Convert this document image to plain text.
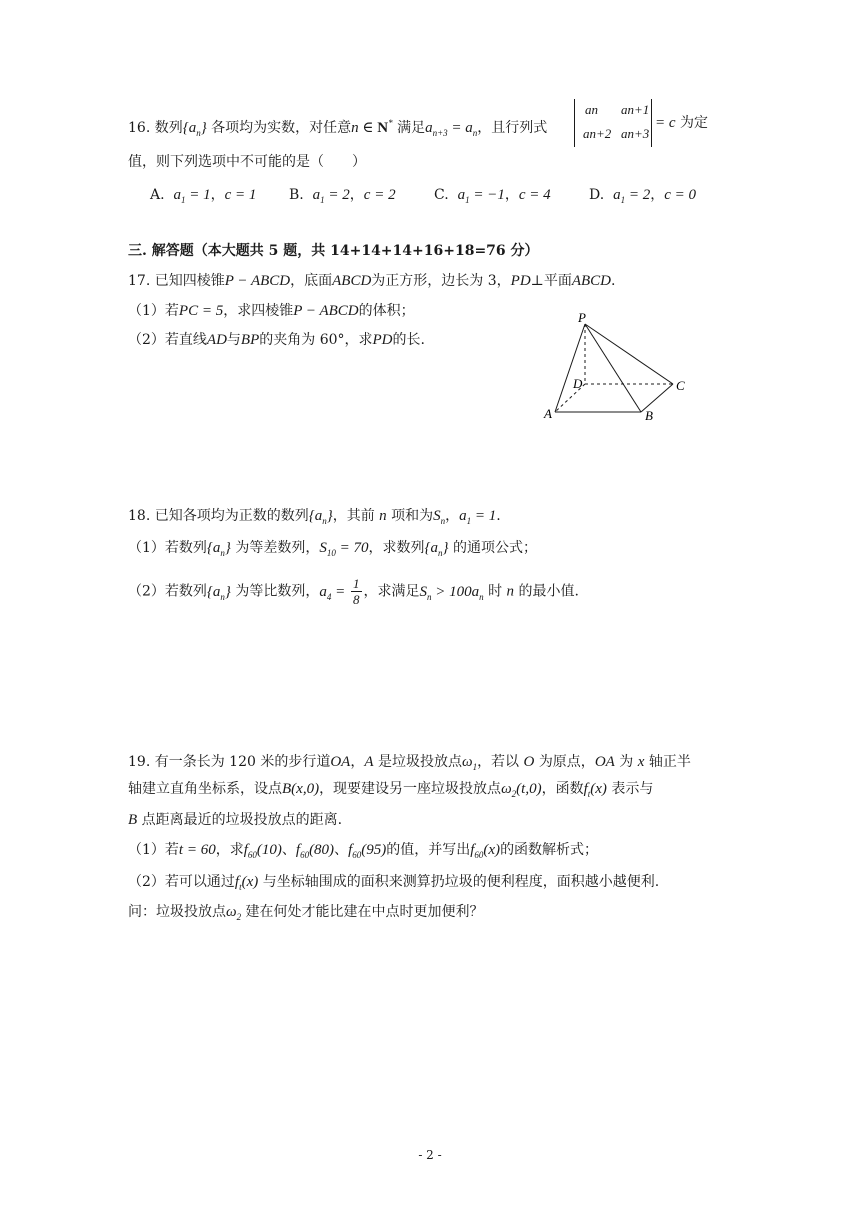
16. 数列$\{a_n\}$ 各项均为实数，对任意n ∈ N* 满足$a_{n+3} = a_n$，且行列式
a n a n+1
a n+2 a n+3
= c 为定
值，则下列选项中不可能的是（　　）
A. $a_1 = 1$，c = 1 B. $a_1 = 2$，c = 2	C. $a_1 = -1$，c = 4	D. $a_1 = 2$，c = 0
三. 解答题（本大题共 5 题，共 14+14+14+16+18=76 分）
17. 已知四棱锥P − ABCD，底面ABCD为正方形，边长为 3，PD⊥平面ABCD.
（1）若PC = 5，求四棱锥P − ABCD的体积；
（2）若直线AD与BP的夹角为 60°，求PD的长.
P
D	C
A	B
18. 已知各项均为正数的数列$\{a_n\}$，其前 n 项和为$S_n$，$a_1 = 1$.
（1）若数列$\{a_n\}$ 为等差数列，$S_{10} = 70$，求数列$\{a_n\}$ 的通项公式；
（2）若数列$\{a_n\}$ 为等比数列，$a_4 = \frac{1}{8}$ ，求满足$S_n > 100a_n$ 时 n 的最小值.
19. 有一条长为 120 米的步行道OA，A 是垃圾投放点$\omega_1$，若以 O 为原点，OA 为 x 轴正半
轴建立直角坐标系，设点B(x,0)，现要建设另一座垃圾投放点$\omega_2(t,0)$，函数$f_t(x)$ 表示与
B 点距离最近的垃圾投放点的距离.
（1）若t = 60，求$f_{60}(10)$、$f_{60}(80)$、$f_{60}(95)$的值，并写出$f_{60}(x)$的函数解析式；
（2）若可以通过$f_t(x)$ 与坐标轴围成的面积来测算扔垃圾的便利程度，面积越小越便利.
问：垃圾投放点$\omega_2$ 建在何处才能比建在中点时更加便利？
- 2 -
